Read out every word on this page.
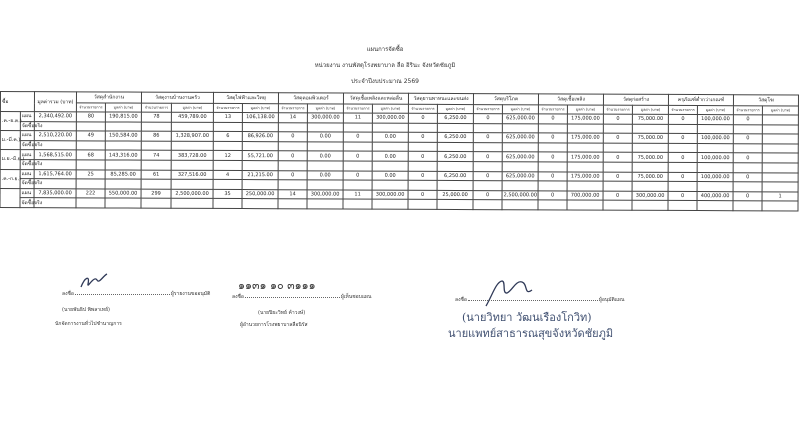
แผนการจัดซื้อ
หน่วยงาน งานพัสดุโรงพยาบาล ลือ อิรินะ จังหวัดชัยภูมิ
ประจำปีงบประมาณ 2569
ซื้อ		มูลค่ารวม (บาท)	วัสดุสำนักงาน		วัสดุงานบ้านงานครัว		วัสดุไฟฟ้าและวิทยุ		วัสดุคอมพิวเตอร์		วัสดุเชื้อเพลิงและหล่อลื่น		วัสดุยานพาหนะและขนส่ง		วัสดุบริโภค		วัสดุเชื้อเพลิง		วัสดุก่อสร้าง		ครุภัณฑ์ต่ำกว่าเกณฑ์		วัสดุโฆ	
			จำนวนรายการ	มูลค่า (บาท)	จำนวนรายการ	มูลค่า (บาท)	จำนวนรายการ	มูลค่า (บาท)	จำนวนรายการ	มูลค่า (บาท)	จำนวนรายการ	มูลค่า (บาท)	จำนวนรายการ	มูลค่า (บาท)	จำนวนรายการ	มูลค่า (บาท)	จำนวนรายการ	มูลค่า (บาท)	จำนวนรายการ	มูลค่า (บาท)	จำนวนรายการ	มูลค่า (บาท)	จำนวนรายการ	มูลค่า (บาท)
.ค.-ธ.ค.)	แผน	2,340,492.00	80	190,815.00	78	459,789.00	13	106,138.00	14	300,000.00	11	300,000.00	0	6,250.00	0	625,000.00	0	175,000.00	0	75,000.00	0	100,000.00	0	
	จัดซื้อจริง																							
ม.-มี.ค.)	แผน	2,510,220.00	49	150,584.00	86	1,328,907.00	6	86,926.00	0	0.00	0	0.00	0	6,250.00	0	625,000.00	0	175,000.00	0	75,000.00	0	100,000.00	0	
	จัดซื้อจริง																							
ม.ย.-มิ.ย.)	แผน	1,568,515.00	68	143,316.00	74	383,728.00	12	55,721.00	0	0.00	0	0.00	0	6,250.00	0	625,000.00	0	175,000.00	0	75,000.00	0	100,000.00	0	
	จัดซื้อจริง																							
.ค.-ก.ย.)	แผน	1,615,764.00	25	85,285.00	61	327,516.00	4	21,215.00	0	0.00	0	0.00	0	6,250.00	0	625,000.00	0	175,000.00	0	75,000.00	0	100,000.00	0	
	จัดซื้อจริง																							
	แผน	7,835,000.00	222	550,000.00	299	2,500,000.00	35	250,000.00	14	300,000.00	11	300,000.00	0	25,000.00	0	2,500,000.00	0	700,000.00	0	300,000.00	0	400,000.00	0	1
	จัดซื้อจริง																							
ลงชื่อ	ผู้รายงานขออนุมัติ
(นายพันธิป พิพลาเทย์)
นักจัดการงานทั่วไปชำนาญการ
๑๑๓๑ ๑๐ ๓๑๑๑
ลงชื่อ	ผู้เห็นชอบแผน
(นายปิยะวิทย์ ค้าวงษ์)
ผู้อำนวยการโรงพยาบาลลือนิรัส
ลงชื่อ	ผู้อนุมัติแผน
(นายวิทยา วัฒนเรืองโกวิท)
นายแพทย์สาธารณสุขจังหวัดชัยภูมิ
